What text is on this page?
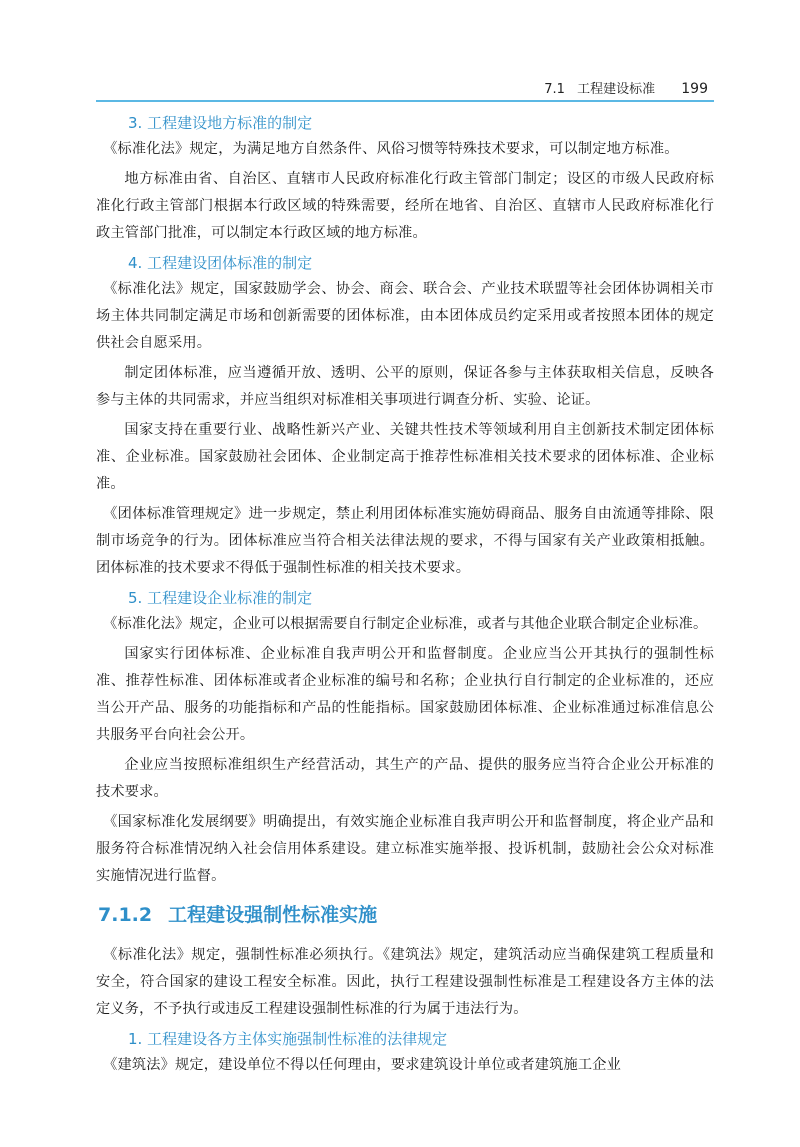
7.1 工程建设标准 199
3. 工程建设地方标准的制定

《标准化法》规定，为满足地方自然条件、风俗习惯等特殊技术要求，可以制定地方标准。

地方标准由省、自治区、直辖市人民政府标准化行政主管部门制定；设区的市级人民政府标准化行政主管部门根据本行政区域的特殊需要，经所在地省、自治区、直辖市人民政府标准化行政主管部门批准，可以制定本行政区域的地方标准。

4. 工程建设团体标准的制定

《标准化法》规定，国家鼓励学会、协会、商会、联合会、产业技术联盟等社会团体协调相关市场主体共同制定满足市场和创新需要的团体标准，由本团体成员约定采用或者按照本团体的规定供社会自愿采用。

制定团体标准，应当遵循开放、透明、公平的原则，保证各参与主体获取相关信息，反映各参与主体的共同需求，并应当组织对标准相关事项进行调查分析、实验、论证。

国家支持在重要行业、战略性新兴产业、关键共性技术等领域利用自主创新技术制定团体标准、企业标准。国家鼓励社会团体、企业制定高于推荐性标准相关技术要求的团体标准、企业标准。

《团体标准管理规定》进一步规定，禁止利用团体标准实施妨碍商品、服务自由流通等排除、限制市场竞争的行为。团体标准应当符合相关法律法规的要求，不得与国家有关产业政策相抵触。团体标准的技术要求不得低于强制性标准的相关技术要求。

5. 工程建设企业标准的制定

《标准化法》规定，企业可以根据需要自行制定企业标准，或者与其他企业联合制定企业标准。

国家实行团体标准、企业标准自我声明公开和监督制度。企业应当公开其执行的强制性标准、推荐性标准、团体标准或者企业标准的编号和名称；企业执行自行制定的企业标准的，还应当公开产品、服务的功能指标和产品的性能指标。国家鼓励团体标准、企业标准通过标准信息公共服务平台向社会公开。

企业应当按照标准组织生产经营活动，其生产的产品、提供的服务应当符合企业公开标准的技术要求。

《国家标准化发展纲要》明确提出，有效实施企业标准自我声明公开和监督制度，将企业产品和服务符合标准情况纳入社会信用体系建设。建立标准实施举报、投诉机制，鼓励社会公众对标准实施情况进行监督。

7.1.2 工程建设强制性标准实施

《标准化法》规定，强制性标准必须执行。《建筑法》规定，建筑活动应当确保建筑工程质量和安全，符合国家的建设工程安全标准。因此，执行工程建设强制性标准是工程建设各方主体的法定义务，不予执行或违反工程建设强制性标准的行为属于违法行为。

1. 工程建设各方主体实施强制性标准的法律规定

《建筑法》规定，建设单位不得以任何理由，要求建筑设计单位或者建筑施工企业
